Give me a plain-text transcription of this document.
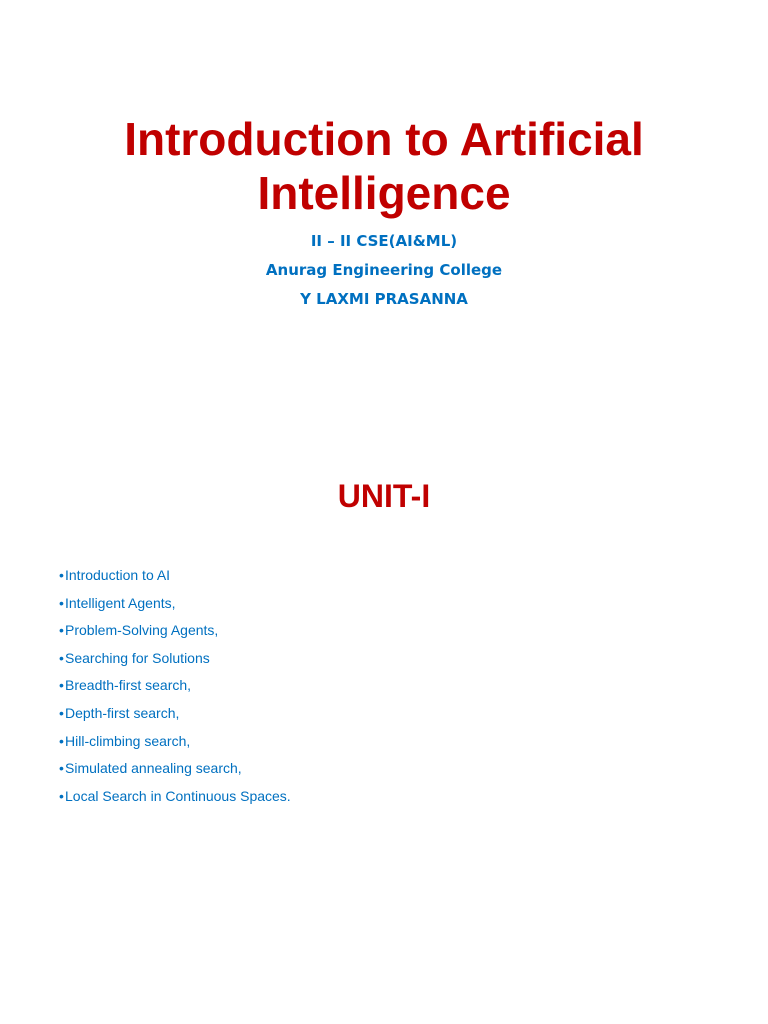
Introduction to Artificial
Intelligence
II – II CSE(AI&ML)
Anurag Engineering College
Y LAXMI PRASANNA
UNIT-I
•Introduction to AI
•Intelligent Agents,
•Problem-Solving Agents,
•Searching for Solutions
•Breadth-first search,
•Depth-first search,
•Hill-climbing search,
•Simulated annealing search,
•Local Search in Continuous Spaces.
